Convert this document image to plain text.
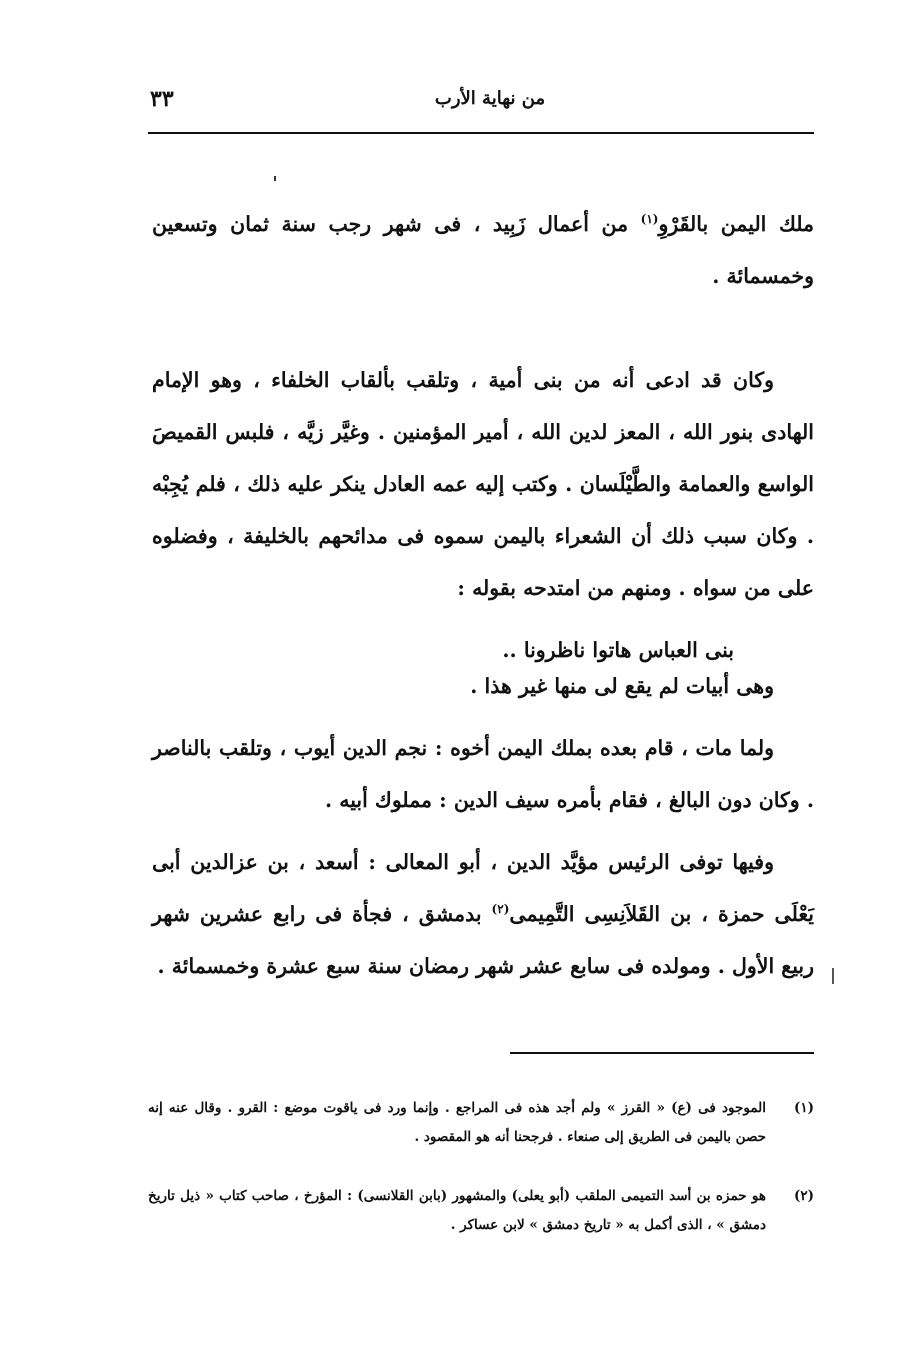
٣٣	من نهاية الأرب

ملك اليمن بالقَرْوِ$^{(١)}$ من أعمال زَبِيد ، فى شهر رجب سنة ثمان وتسعين وخمسمائة .

وكان قد ادعى أنه من بنى أمية ، وتلقب بألقاب الخلفاء ، وهو الإمام الهادى بنور الله ، المعز لدين الله ، أمير المؤمنين . وغيَّر زيَّه ، فلبس القميصَ الواسع والعمامة والطَّيْلَسان . وكتب إليه عمه العادل ينكر عليه ذلك ، فلم يُجِبْه . وكان سبب ذلك أن الشعراء باليمن سموه فى مدائحهم بالخليفة ، وفضلوه على من سواه . ومنهم من امتدحه بقوله :

بنى العباس هاتوا ناظرونا ..

وهى أبيات لم يقع لى منها غير هذا .

ولما مات ، قام بعده بملك اليمن أخوه : نجم الدين أيوب ، وتلقب بالناصر . وكان دون البالغ ، فقام بأمره سيف الدين : مملوك أبيه .

وفيها توفى الرئيس مؤيَّد الدين ، أبو المعالى : أسعد ، بن عزالدين أبى يَعْلَى حمزة ، بن القَلاَنِسِى التَّمِيمى$^{(٢)}$ بدمشق ، فجأة فى رابع عشرين شهر ربيع الأول . ومولده فى سابع عشر شهر رمضان سنة سبع عشرة وخمسمائة .

(١)
الموجود فى (ع) « القرز » ولم أجد هذه فى المراجع . وإنما ورد فى ياقوت موضع : القرو . وقال عنه إنه حصن باليمن فى الطريق إلى صنعاء . فرجحنا أنه هو المقصود .
(٢)
هو حمزه بن أسد التميمى الملقب (أبو يعلى) والمشهور (بابن القلانسى) : المؤرخ ، صاحب كتاب « ذيل تاريخ دمشق » ، الذى أكمل به « تاريخ دمشق » لابن عساكر .
